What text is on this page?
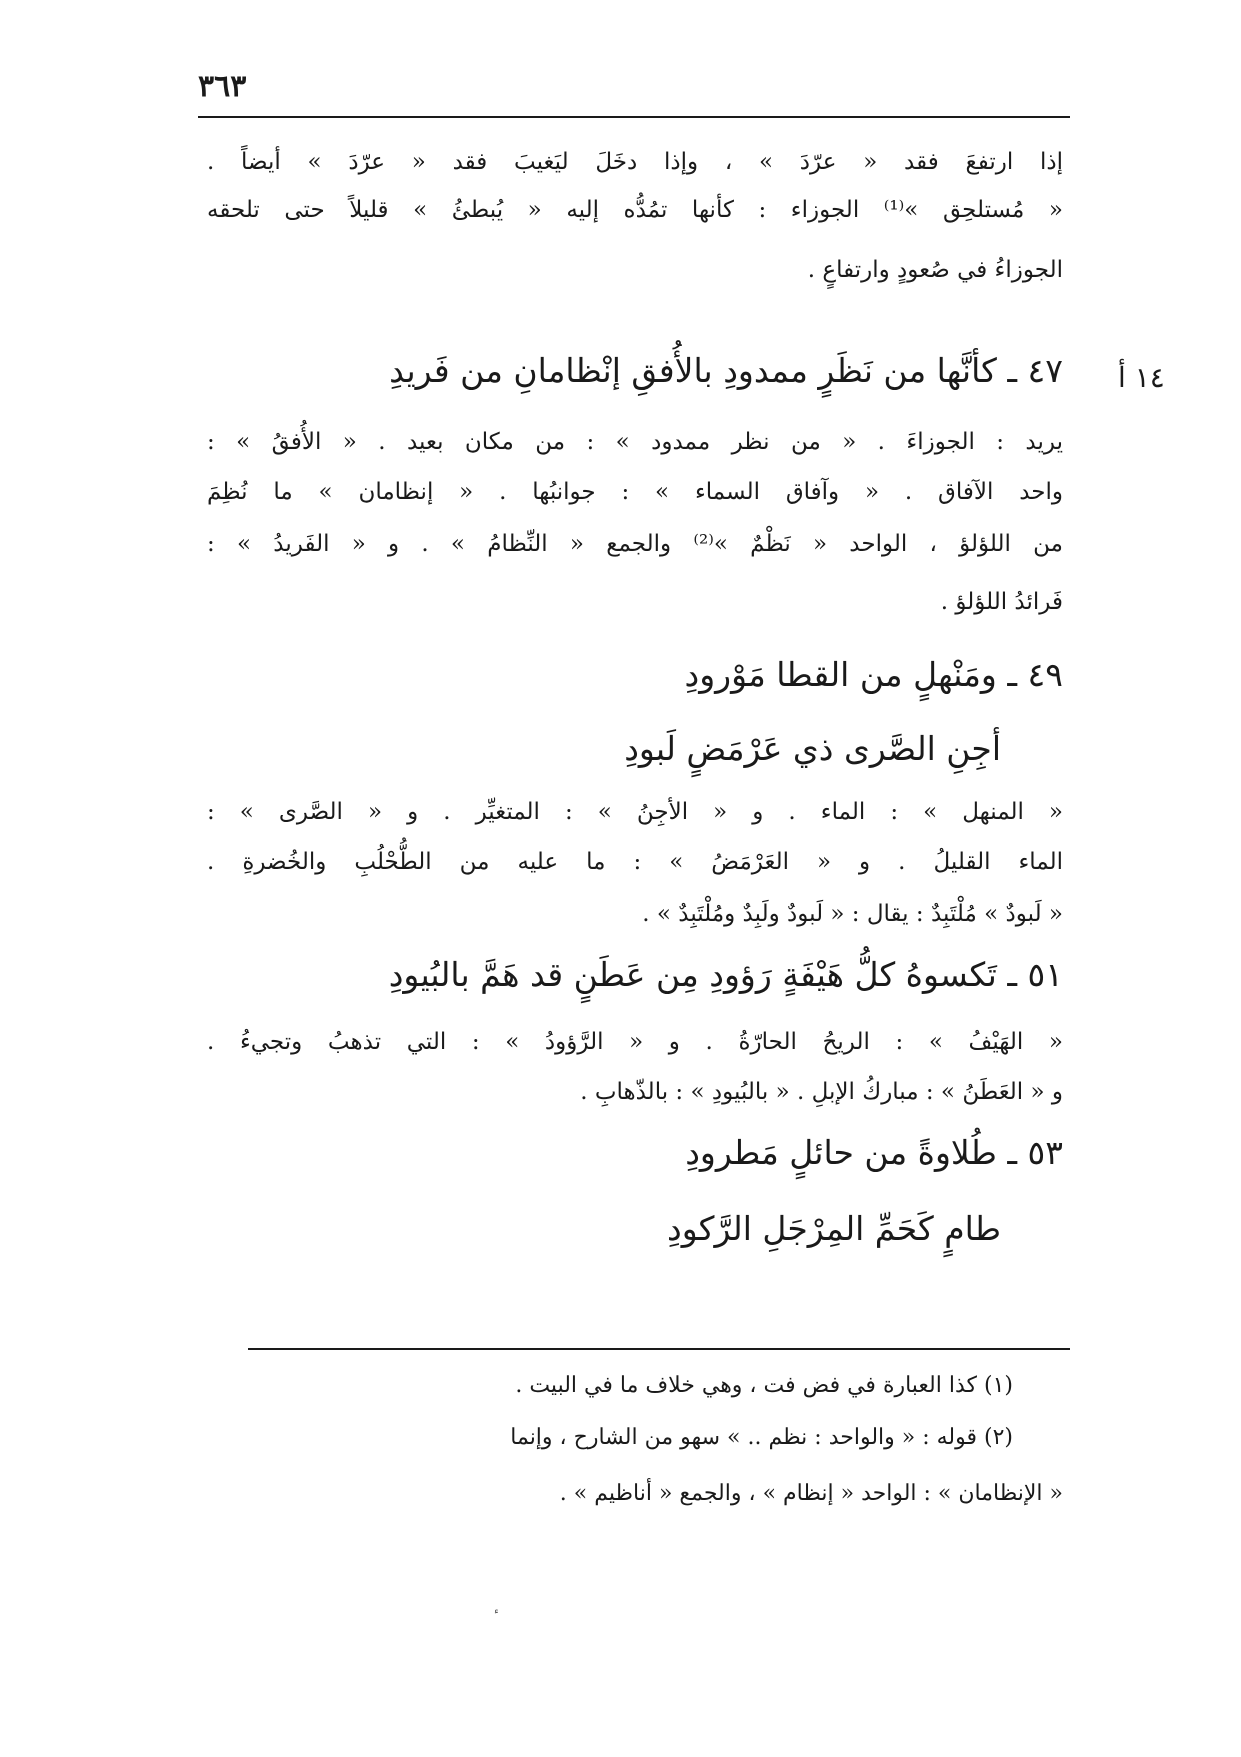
٣٦٣
١٤ أ
إذا ارتفعَ فقد « عرّدَ » ، وإذا دخَلَ ليَغيبَ فقد « عرّدَ » أيضاً .
« مُستلحِق »⁽¹⁾ الجوزاء : كأنها تمُدُّه إليه « يُبطئُ » قليلاً حتى تلحقه
الجوزاءُ في صُعودٍ وارتفاعٍ .
٤٧ ـ كأنَّها من نَظَرٍ ممدودِ بالأُفقِ إنْظامانِ من فَريدِ
يريد : الجوزاءَ . « من نظر ممدود » : من مكان بعيد . « الأُفقُ » :
واحد الآفاق . « وآفاق السماء » : جوانبُها . « إنظامان » ما نُظِمَ
من اللؤلؤ ، الواحد « نَظْمٌ »⁽²⁾ والجمع « النِّظامُ » . و « الفَريدُ » :
فَرائدُ اللؤلؤ .
٤٩ ـ ومَنْهلٍ من القطا مَوْرودِ
أجِنِ الصَّرى ذي عَرْمَضٍ لَبودِ
« المنهل » : الماء . و « الأجِنُ » : المتغيِّر . و « الصَّرى » :
الماء القليلُ . و « العَرْمَضُ » : ما عليه من الطُّحْلُبِ والخُضرةِ .
« لَبودٌ » مُلْتَبِدٌ : يقال : « لَبودٌ ولَبِدٌ ومُلْتَبِدٌ » .
٥١ ـ تَكسوهُ كلُّ هَيْفَةٍ رَؤودِ مِن عَطَنٍ قد هَمَّ بالبُيودِ
« الهَيْفُ » : الريحُ الحارّةُ . و « الرَّؤودُ » : التي تذهبُ وتجيءُ .
و « العَطَنُ » : مباركُ الإبلِ . « بالبُيودِ » : بالذّهابِ .
٥٣ ـ طُلاوةً من حائلٍ مَطرودِ
طامٍ كَحَمِّ المِرْجَلِ الرَّكودِ
(١) كذا العبارة في فض فت ، وهي خلاف ما في البيت .
(٢) قوله : « والواحد : نظم .. » سهو من الشارح ، وإنما
« الإنظامان » : الواحد « إنظام » ، والجمع « أناظيم » .
